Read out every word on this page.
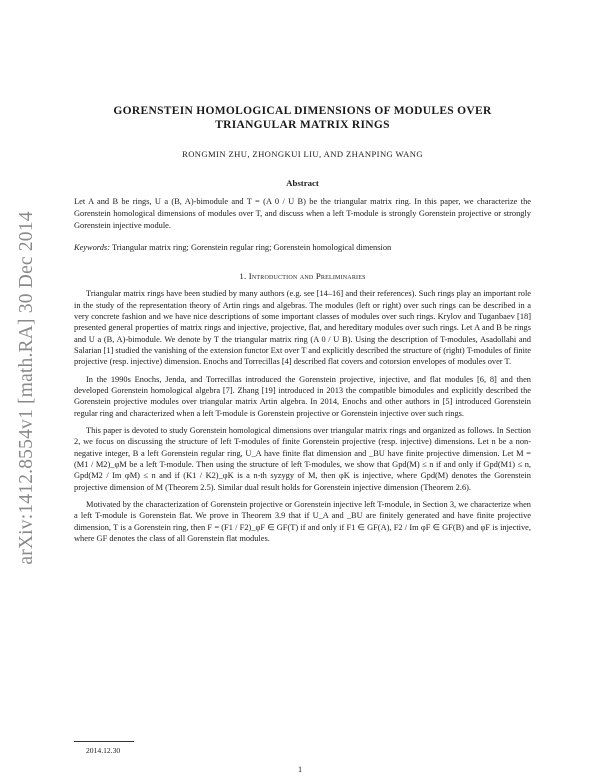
arXiv:1412.8554v1 [math.RA] 30 Dec 2014
GORENSTEIN HOMOLOGICAL DIMENSIONS OF MODULES OVER
TRIANGULAR MATRIX RINGS
RONGMIN ZHU, ZHONGKUI LIU, AND ZHANPING WANG
Abstract
Let A and B be rings, U a (B, A)-bimodule and T = (A 0 / U B) be the triangular matrix ring. In this paper, we characterize the Gorenstein homological dimensions of modules over T, and discuss when a left T-module is strongly Gorenstein projective or strongly Gorenstein injective module.
Keywords: Triangular matrix ring; Gorenstein regular ring; Gorenstein homological dimension
1. Introduction and Preliminaries

Triangular matrix rings have been studied by many authors (e.g. see [14–16] and their references). Such rings play an important role in the study of the representation theory of Artin rings and algebras. The modules (left or right) over such rings can be described in a very concrete fashion and we have nice descriptions of some important classes of modules over such rings. Krylov and Tuganbaev [18] presented general properties of matrix rings and injective, projective, flat, and hereditary modules over such rings. Let A and B be rings and U a (B, A)-bimodule. We denote by T the triangular matrix ring (A 0 / U B). Using the description of T-modules, Asadollahi and Salarian [1] studied the vanishing of the extension functor Ext over T and explicitly described the structure of (right) T-modules of finite projective (resp. injective) dimension. Enochs and Torrecillas [4] described flat covers and cotorsion envelopes of modules over T.

In the 1990s Enochs, Jenda, and Torrecillas introduced the Gorenstein projective, injective, and flat modules [6, 8] and then developed Gorenstein homological algebra [7]. Zhang [19] introduced in 2013 the compatible bimodules and explicitly described the Gorenstein projective modules over triangular matrix Artin algebra. In 2014, Enochs and other authors in [5] introduced Gorenstein regular ring and characterized when a left T-module is Gorenstein projective or Gorenstein injective over such rings.

This paper is devoted to study Gorenstein homological dimensions over triangular matrix rings and organized as follows. In Section 2, we focus on discussing the structure of left T-modules of finite Gorenstein projective (resp. injective) dimensions. Let n be a non-negative integer, B a left Gorenstein regular ring, U_A have finite flat dimension and _BU have finite projective dimension. Let M = (M1 / M2)_φM be a left T-module. Then using the structure of left T-modules, we show that Gpd(M) ≤ n if and only if Gpd(M1) ≤ n, Gpd(M2 / Im φM) ≤ n and if (K1 / K2)_φK is a n-th syzygy of M, then φK is injective, where Gpd(M) denotes the Gorenstein projective dimension of M (Theorem 2.5). Similar dual result holds for Gorenstein injective dimension (Theorem 2.6).

Motivated by the characterization of Gorenstein projective or Gorenstein injective left T-module, in Section 3, we characterize when a left T-module is Gorenstein flat. We prove in Theorem 3.9 that if U_A and _BU are finitely generated and have finite projective dimension, T is a Gorenstein ring, then F = (F1 / F2)_φF ∈ GF(T) if and only if F1 ∈ GF(A), F2 / Im φF ∈ GF(B) and φF is injective, where GF denotes the class of all Gorenstein flat modules.

2014.12.30
1
